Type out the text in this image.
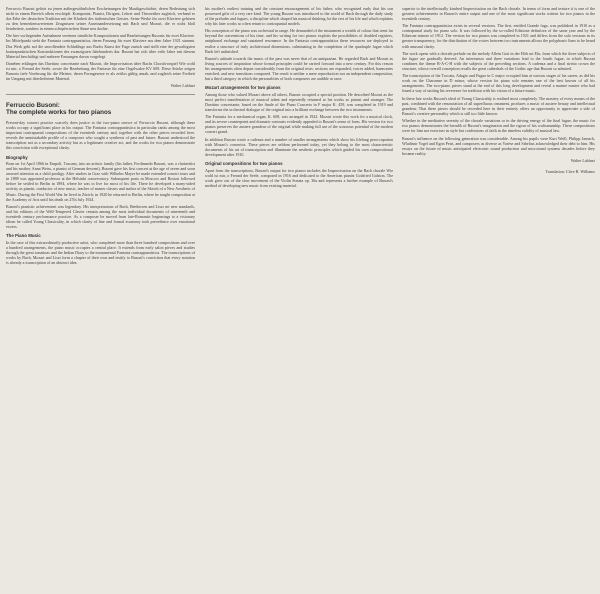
Ferruccio Busoni gehört zu jenen außergewöhnlichen Erscheinungen der Musikgeschichte, deren Bedeutung sich nicht in einem Bereich allein erschöpft. Komponist, Pianist, Dirigent, Lehrer und Theoretiker zugleich, verband er das Erbe der deutschen Tradition mit der Klarheit des italienischen Geistes. Seine Werke für zwei Klaviere gehören zu den bemerkenswertesten Zeugnissen seiner Auseinandersetzung mit Bach und Mozart, die er nicht bloß bearbeitete, sondern in einem schöpferischen Sinne neu dachte.

Die hier vorliegenden Aufnahmen vereinen sämtliche Kompositionen und Bearbeitungen Busonis für zwei Klaviere. Im Mittelpunkt steht die Fantasia contrappuntistica, deren Fassung für zwei Klaviere aus dem Jahre 1921 stammt. Das Werk geht auf die unvollendete Schlußfuge aus Bachs Kunst der Fuge zurück und stellt eine der gewaltigsten kontrapunktischen Konstruktionen des zwanzigsten Jahrhunderts dar. Busoni hat sich über viele Jahre mit diesem Material beschäftigt und mehrere Fassungen davon vorgelegt.

Daneben erklingen das Duettino concertante nach Mozart, die Improvisation über Bachs Choralvorspiel Wie wohl ist mir, o Freund der Seele, sowie die Bearbeitung der Fantasie für eine Orgelwalze KV 608. Diese Stücke zeigen Busonis tiefe Verehrung für die Meister, deren Formgesetze er als zeitlos gültig ansah, und zugleich seine Freiheit im Umgang mit überliefertem Material.

Walter Labhart
Ferruccio Busoni:
The complete works for two pianos

Present-day concert practice scarcely does justice to the two-piano oeuvre of Ferruccio Busoni, although these works occupy a significant place in his output. The Fantasia contrappuntistica in particular ranks among the most important contrapuntal compositions of the twentieth century and, together with the other pieces recorded here, reveals the unmistakable profile of a composer who sought a synthesis of past and future. Busoni understood the transcription not as a secondary activity but as a legitimate creative act, and the works for two pianos demonstrate this conviction with exceptional clarity.

Biography

Born on 1st April 1866 in Empoli, Tuscany, into an artistic family (his father, Ferdinando Busoni, was a clarinettist and his mother, Anna Weiss, a pianist of German descent), Busoni gave his first concert at the age of seven and soon aroused attention as a child prodigy. After studies in Graz with Wilhelm Mayer he made extended concert tours and in 1888 was appointed professor at the Helsinki conservatory. Subsequent posts in Moscow and Boston followed before he settled in Berlin in 1894, where he was to live for most of his life. There he developed a many-sided activity as pianist, conductor of new music, teacher of master classes and author of the Sketch of a New Aesthetic of Music. During the First World War he lived in Zürich; in 1920 he returned to Berlin, where he taught composition at the Academy of Arts until his death on 27th July 1924.

Busoni's pianistic achievement was legendary. His interpretations of Bach, Beethoven and Liszt set new standards, and his editions of the Well-Tempered Clavier remain among the most individual documents of nineteenth and twentieth century performance practice. As a composer he moved from late-Romantic beginnings to a visionary idiom he called Young Classicality, in which clarity of line and formal economy took precedence over emotional excess.

The Piano Music

In the case of this extraordinarily productive artist, who completed more than three hundred compositions and over a hundred arrangements, the piano music occupies a central place. It extends from early salon pieces and studies through the great sonatinas and the Indian Diary to the monumental Fantasia contrappuntistica. The transcriptions of works by Bach, Mozart and Liszt form a chapter of their own and testify to Busoni's conviction that every notation is already a transcription of an abstract idea.

his mother's earliest training and the constant encouragement of his father, who recognised early that his son possessed gifts of a very rare kind. The young Busoni was introduced to the world of Bach through the daily study of the preludes and fugues, a discipline which shaped his musical thinking for the rest of his life and which explains why his later works so often return to contrapuntal models.

His conception of the piano was orchestral in range. He demanded of the instrument a wealth of colour that went far beyond the conventions of his time, and his writing for two pianos exploits the possibilities of doubled registers, antiphonal exchange and sustained resonance. In the Fantasia contrappuntistica these resources are deployed to realise a structure of truly architectural dimensions, culminating in the completion of the quadruple fugue which Bach left unfinished.

Busoni's attitude towards the music of the past was never that of an antiquarian. He regarded Bach and Mozart as living sources of inspiration whose formal principles could be carried forward into a new century. For this reason his arrangements often depart considerably from the original texts: sections are expanded, voices added, harmonies enriched, and new transitions composed. The result is neither a mere reproduction nor an independent composition, but a third category in which the personalities of both composers are audible at once.

Mozart arrangements for two pianos

Among those who valued Mozart above all others, Busoni occupied a special position. He described Mozart as the most perfect manifestation of musical talent and repeatedly returned to his works as pianist and arranger. The Duettino concertante, based on the finale of the Piano Concerto in F major K. 459, was completed in 1919 and transforms the orchestral dialogue of the original into a brilliant exchange between the two instruments.

The Fantasia for a mechanical organ, K. 608, was arranged in 1922. Mozart wrote this work for a musical clock, and its severe counterpoint and dramatic contrasts evidently appealed to Busoni's sense of form. His version for two pianos preserves the austere grandeur of the original while making full use of the sonorous potential of the modern concert grand.

In addition Busoni wrote a cadenza and a number of smaller arrangements which show his lifelong preoccupation with Mozart's concertos. These pieces are seldom performed today, yet they belong to the most characteristic documents of his art of transcription and illuminate the aesthetic principles which guided his own compositional development after 1910.

Original compositions for two pianos

Apart from the transcriptions, Busoni's output for two pianos includes the Improvisation on the Bach chorale Wie wohl ist mir, o Freund der Seele, composed in 1916 and dedicated to the American pianist Gottfried Galston. The work grew out of the slow movement of the Violin Sonata op. 36a and represents a further example of Busoni's method of developing new music from existing material.

superior to the intellectually kindred Improvisation on the Bach chorale. In terms of form and texture it is one of the greatest achievements in Busoni's entire output and one of the most significant works written for two pianos in the twentieth century.

The Fantasia contrappuntistica exists in several versions. The first, entitled Grande fuga, was published in 1910 as a contrapuntal study for piano solo. It was followed by the so-called Edizione definitiva of the same year and by the Edizione minore of 1912. The version for two pianos was completed in 1921 and differs from the solo versions in its greater transparency, for the distribution of the voices between two instruments allows the polyphonic lines to be heard with unusual clarity.

The work opens with a chorale prelude on the melody Allein Gott in der Höh sei Ehr, from which the three subjects of the fugue are gradually derived. An intermezzo and three variations lead to the fourth fugue, in which Busoni combines the theme B-A-C-H with the subjects of the preceding sections. A cadenza and a final stretto crown the structure, whose overall conception recalls the great cathedrals of the Gothic age that Busoni so admired.

The transcription of the Toccata, Adagio and Fugue in C major occupied him at various stages of his career, as did his work on the Chaconne in D minor, whose version for piano solo remains one of the best known of all his arrangements. The two-piano pieces stand at the end of this long development and reveal a mature master who had found a way of uniting his reverence for tradition with his vision of a future music.

In these late works Busoni's ideal of Young Classicality is realised most completely. The mastery of every means of the past, combined with the renunciation of all superfluous ornament, produces a music of austere beauty and intellectual grandeur. That these pieces should be recorded here in their entirety offers an opportunity to appreciate a side of Busoni's creative personality which is still too little known.

Whether in the meditative serenity of the chorale variations or in the driving energy of the final fugue, the music for two pianos demonstrates the breadth of Busoni's imagination and the rigour of his craftsmanship. These compositions were for him not exercises in style but confessions of faith in the timeless validity of musical law.

Busoni's influence on the following generation was considerable. Among his pupils were Kurt Weill, Philipp Jarnach, Wladimir Vogel and Egon Petri, and composers as diverse as Varèse and Sibelius acknowledged their debt to him. His essays on the future of music anticipated electronic sound production and microtonal systems decades before they became reality.

Walter Labhart
Translation: Clive R. Williams
